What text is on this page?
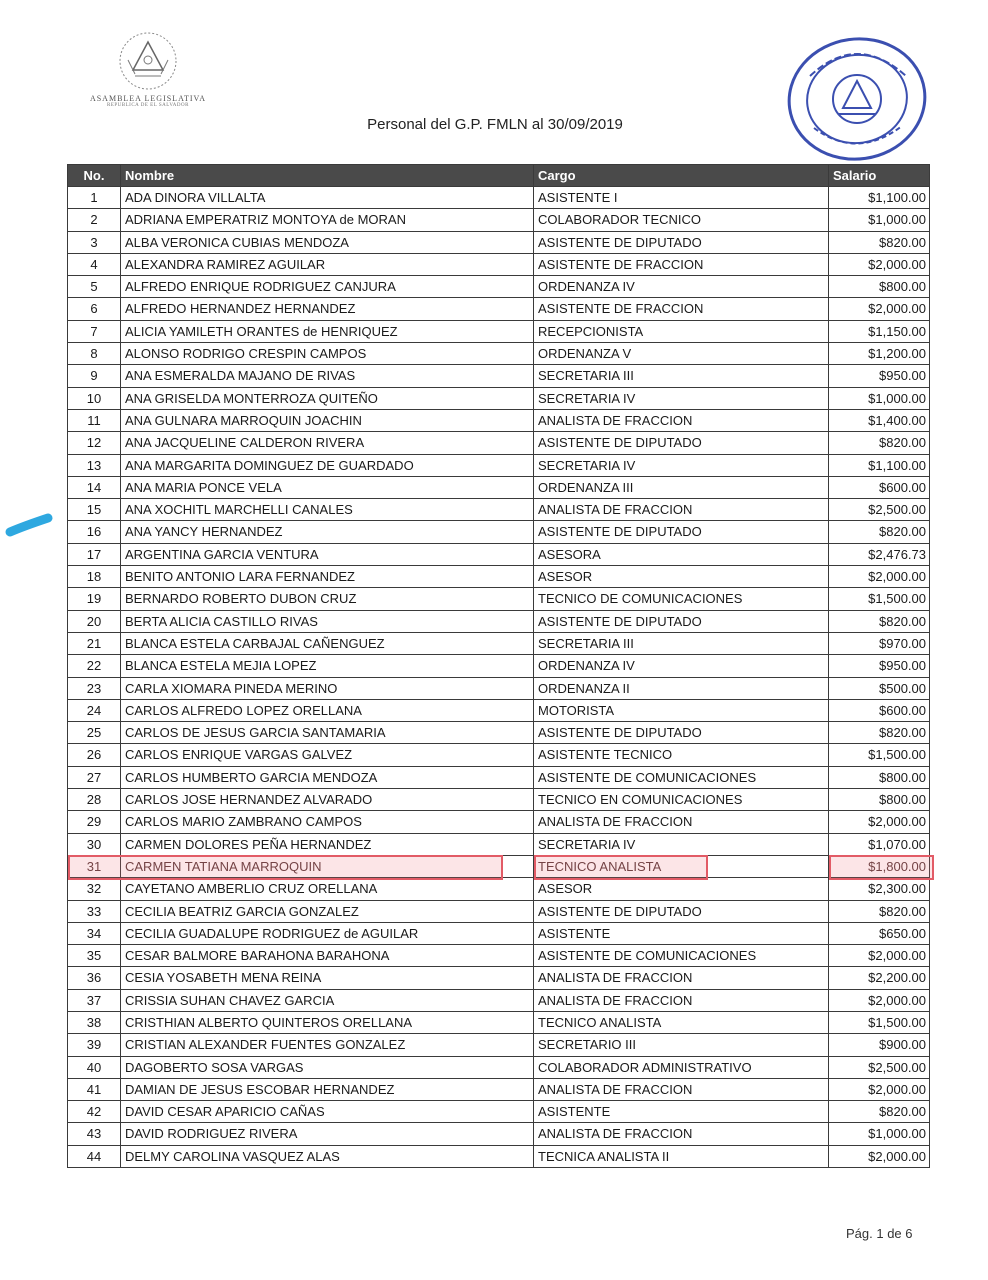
ASAMBLEA LEGISLATIVA
REPUBLICA DE EL SALVADOR
Personal del G.P. FMLN al 30/09/2019
No.	Nombre	Cargo	Salario
1	ADA DINORA VILLALTA	ASISTENTE I	$1,100.00
2	ADRIANA EMPERATRIZ MONTOYA de MORAN	COLABORADOR TECNICO	$1,000.00
3	ALBA VERONICA CUBIAS MENDOZA	ASISTENTE DE DIPUTADO	$820.00
4	ALEXANDRA RAMIREZ AGUILAR	ASISTENTE DE FRACCION	$2,000.00
5	ALFREDO ENRIQUE RODRIGUEZ CANJURA	ORDENANZA IV	$800.00
6	ALFREDO HERNANDEZ HERNANDEZ	ASISTENTE DE FRACCION	$2,000.00
7	ALICIA YAMILETH ORANTES de HENRIQUEZ	RECEPCIONISTA	$1,150.00
8	ALONSO RODRIGO CRESPIN CAMPOS	ORDENANZA V	$1,200.00
9	ANA ESMERALDA MAJANO DE RIVAS	SECRETARIA III	$950.00
10	ANA GRISELDA MONTERROZA QUITEÑO	SECRETARIA IV	$1,000.00
11	ANA GULNARA MARROQUIN JOACHIN	ANALISTA DE FRACCION	$1,400.00
12	ANA JACQUELINE CALDERON RIVERA	ASISTENTE DE DIPUTADO	$820.00
13	ANA MARGARITA DOMINGUEZ DE GUARDADO	SECRETARIA IV	$1,100.00
14	ANA MARIA PONCE VELA	ORDENANZA III	$600.00
15	ANA XOCHITL MARCHELLI CANALES	ANALISTA DE FRACCION	$2,500.00
16	ANA YANCY HERNANDEZ	ASISTENTE DE DIPUTADO	$820.00
17	ARGENTINA GARCIA VENTURA	ASESORA	$2,476.73
18	BENITO ANTONIO LARA FERNANDEZ	ASESOR	$2,000.00
19	BERNARDO ROBERTO DUBON CRUZ	TECNICO DE COMUNICACIONES	$1,500.00
20	BERTA ALICIA CASTILLO RIVAS	ASISTENTE DE DIPUTADO	$820.00
21	BLANCA ESTELA CARBAJAL CAÑENGUEZ	SECRETARIA III	$970.00
22	BLANCA ESTELA MEJIA LOPEZ	ORDENANZA IV	$950.00
23	CARLA XIOMARA PINEDA MERINO	ORDENANZA II	$500.00
24	CARLOS ALFREDO LOPEZ ORELLANA	MOTORISTA	$600.00
25	CARLOS DE JESUS GARCIA SANTAMARIA	ASISTENTE DE DIPUTADO	$820.00
26	CARLOS ENRIQUE VARGAS GALVEZ	ASISTENTE TECNICO	$1,500.00
27	CARLOS HUMBERTO GARCIA MENDOZA	ASISTENTE DE COMUNICACIONES	$800.00
28	CARLOS JOSE HERNANDEZ ALVARADO	TECNICO EN COMUNICACIONES	$800.00
29	CARLOS MARIO ZAMBRANO CAMPOS	ANALISTA DE FRACCION	$2,000.00
30	CARMEN DOLORES PEÑA HERNANDEZ	SECRETARIA IV	$1,070.00
31	CARMEN TATIANA MARROQUIN	TECNICO ANALISTA	$1,800.00
32	CAYETANO AMBERLIO CRUZ ORELLANA	ASESOR	$2,300.00
33	CECILIA BEATRIZ GARCIA GONZALEZ	ASISTENTE DE DIPUTADO	$820.00
34	CECILIA GUADALUPE RODRIGUEZ de AGUILAR	ASISTENTE	$650.00
35	CESAR BALMORE BARAHONA BARAHONA	ASISTENTE DE COMUNICACIONES	$2,000.00
36	CESIA YOSABETH MENA REINA	ANALISTA DE FRACCION	$2,200.00
37	CRISSIA SUHAN CHAVEZ GARCIA	ANALISTA DE FRACCION	$2,000.00
38	CRISTHIAN ALBERTO QUINTEROS ORELLANA	TECNICO ANALISTA	$1,500.00
39	CRISTIAN ALEXANDER FUENTES GONZALEZ	SECRETARIO III	$900.00
40	DAGOBERTO SOSA VARGAS	COLABORADOR ADMINISTRATIVO	$2,500.00
41	DAMIAN DE JESUS ESCOBAR HERNANDEZ	ANALISTA DE FRACCION	$2,000.00
42	DAVID CESAR APARICIO CAÑAS	ASISTENTE	$820.00
43	DAVID RODRIGUEZ RIVERA	ANALISTA DE FRACCION	$1,000.00
44	DELMY CAROLINA VASQUEZ ALAS	TECNICA ANALISTA II	$2,000.00
Pág. 1 de 6
